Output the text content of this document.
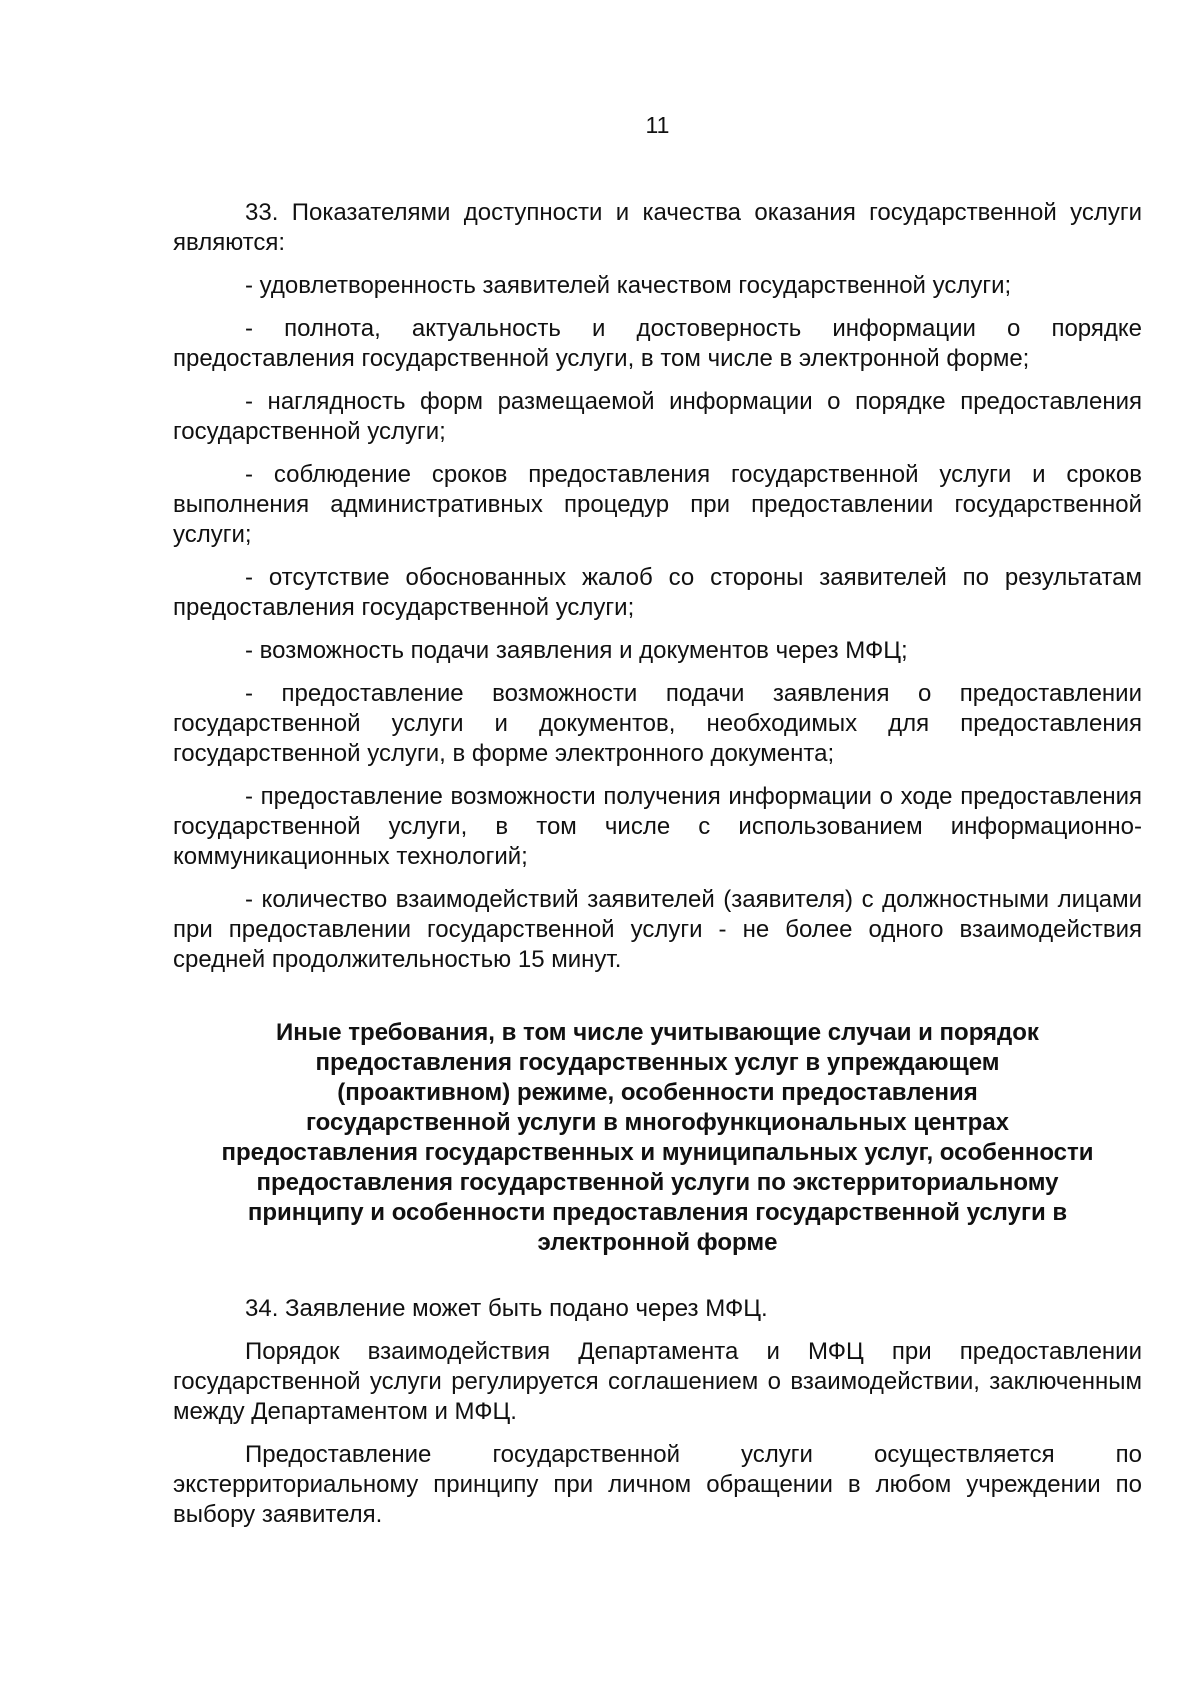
11

33. Показателями доступности и качества оказания государственной услуги являются:

- удовлетворенность заявителей качеством государственной услуги;

- полнота, актуальность и достоверность информации о порядке предоставления государственной услуги, в том числе в электронной форме;

- наглядность форм размещаемой информации о порядке предоставления государственной услуги;

- соблюдение сроков предоставления государственной услуги и сроков выполнения административных процедур при предоставлении государственной услуги;

- отсутствие обоснованных жалоб со стороны заявителей по результатам предоставления государственной услуги;

- возможность подачи заявления и документов через МФЦ;

- предоставление возможности подачи заявления о предоставлении государственной услуги и документов, необходимых для предоставления государственной услуги, в форме электронного документа;

- предоставление возможности получения информации о ходе предоставления государственной услуги, в том числе с использованием информационно-коммуникационных технологий;

- количество взаимодействий заявителей (заявителя) с должностными лицами при предоставлении государственной услуги - не более одного взаимодействия средней продолжительностью 15 минут.

Иные требования, в том числе учитывающие случаи и порядок
предоставления государственных услуг в упреждающем
(проактивном) режиме, особенности предоставления
государственной услуги в многофункциональных центрах
предоставления государственных и муниципальных услуг, особенности
предоставления государственной услуги по экстерриториальному
принципу и особенности предоставления государственной услуги в
электронной форме

34. Заявление может быть подано через МФЦ.

Порядок взаимодействия Департамента и МФЦ при предоставлении государственной услуги регулируется соглашением о взаимодействии, заключенным между Департаментом и МФЦ.

Предоставление государственной услуги осуществляется по экстерриториальному принципу при личном обращении в любом учреждении по выбору заявителя.
